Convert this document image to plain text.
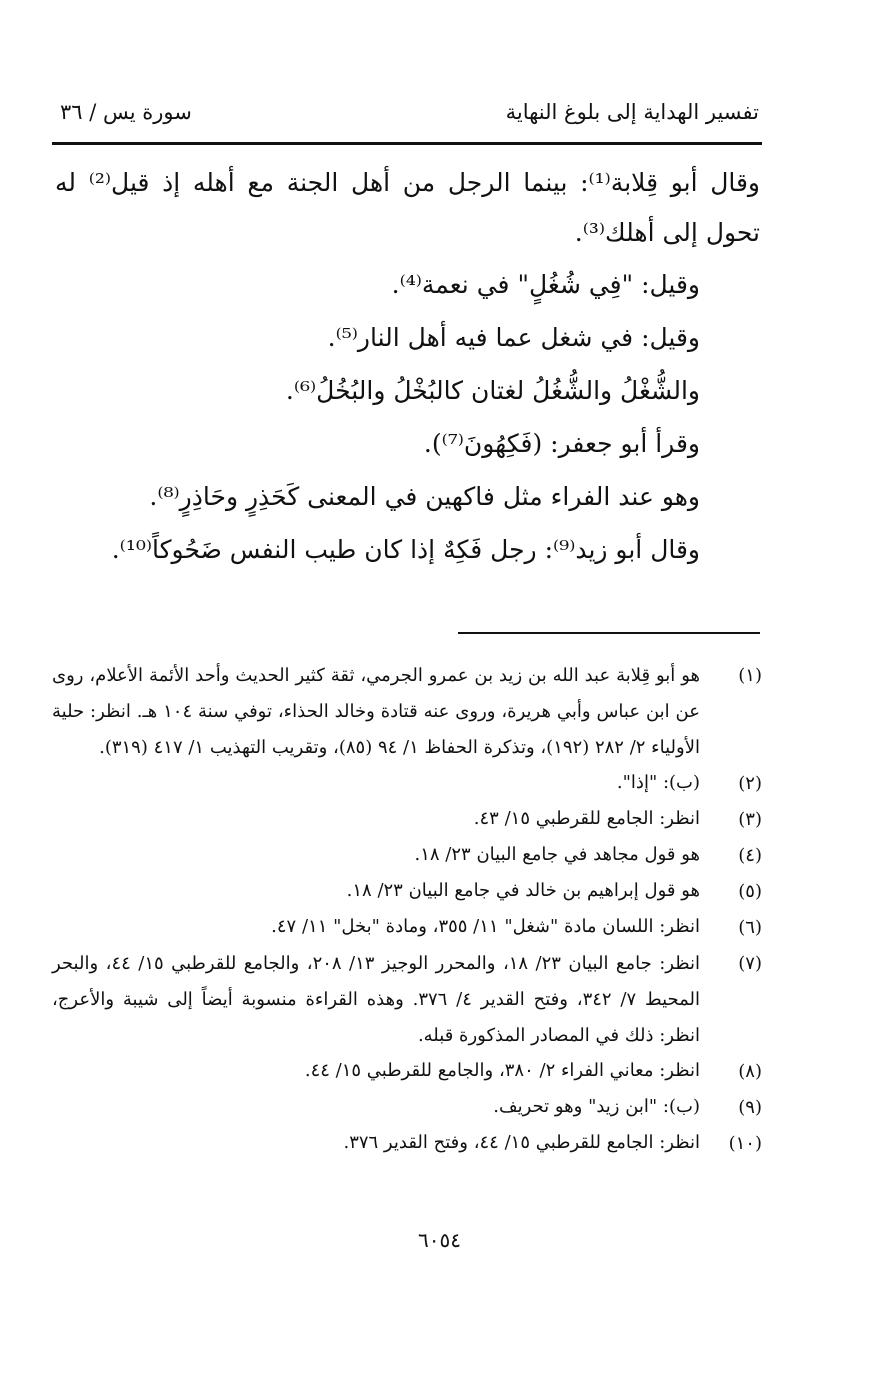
تفسير الهداية إلى بلوغ النهاية
سورة يس / ٣٦

وقال أبو قِلابة⁽¹⁾: بينما الرجل من أهل الجنة مع أهله إذ قيل⁽²⁾ له تحول إلى أهلك⁽³⁾.

وقيل: "فِي شُغُلٍ" في نعمة⁽⁴⁾.

وقيل: في شغل عما فيه أهل النار⁽⁵⁾.

والشُّغْلُ والشُّغُلُ لغتان كالبُخْلُ والبُخُلُ⁽⁶⁾.

وقرأ أبو جعفر: (فَكِهُونَ⁽⁷⁾).

وهو عند الفراء مثل فاكهين في المعنى كَحَذِرٍ وحَاذِرٍ⁽⁸⁾.

وقال أبو زيد⁽⁹⁾: رجل فَكِهٌ إذا كان طيب النفس ضَحُوكاً⁽¹⁰⁾.

(١)
هو أبو قِلابة عبد الله بن زيد بن عمرو الجرمي، ثقة كثير الحديث وأحد الأئمة الأعلام، روى عن ابن عباس وأبي هريرة، وروى عنه قتادة وخالد الحذاء، توفي سنة ١٠٤ هـ. انظر: حلية الأولياء ٢/ ٢٨٢ (١٩٢)، وتذكرة الحفاظ ١/ ٩٤ (٨٥)، وتقريب التهذيب ١/ ٤١٧ (٣١٩).
(٢)
(ب): "إذا".
(٣)
انظر: الجامع للقرطبي ١٥/ ٤٣.
(٤)
هو قول مجاهد في جامع البيان ٢٣/ ١٨.
(٥)
هو قول إبراهيم بن خالد في جامع البيان ٢٣/ ١٨.
(٦)
انظر: اللسان مادة "شغل" ١١/ ٣٥٥، ومادة "بخل" ١١/ ٤٧.
(٧)
انظر: جامع البيان ٢٣/ ١٨، والمحرر الوجيز ١٣/ ٢٠٨، والجامع للقرطبي ١٥/ ٤٤، والبحر المحيط ٧/ ٣٤٢، وفتح القدير ٤/ ٣٧٦. وهذه القراءة منسوبة أيضاً إلى شيبة والأعرج، انظر: ذلك في المصادر المذكورة قبله.
(٨)
انظر: معاني الفراء ٢/ ٣٨٠، والجامع للقرطبي ١٥/ ٤٤.
(٩)
(ب): "ابن زيد" وهو تحريف.
(١٠)
انظر: الجامع للقرطبي ١٥/ ٤٤، وفتح القدير ٣٧٦.
٦٠٥٤
